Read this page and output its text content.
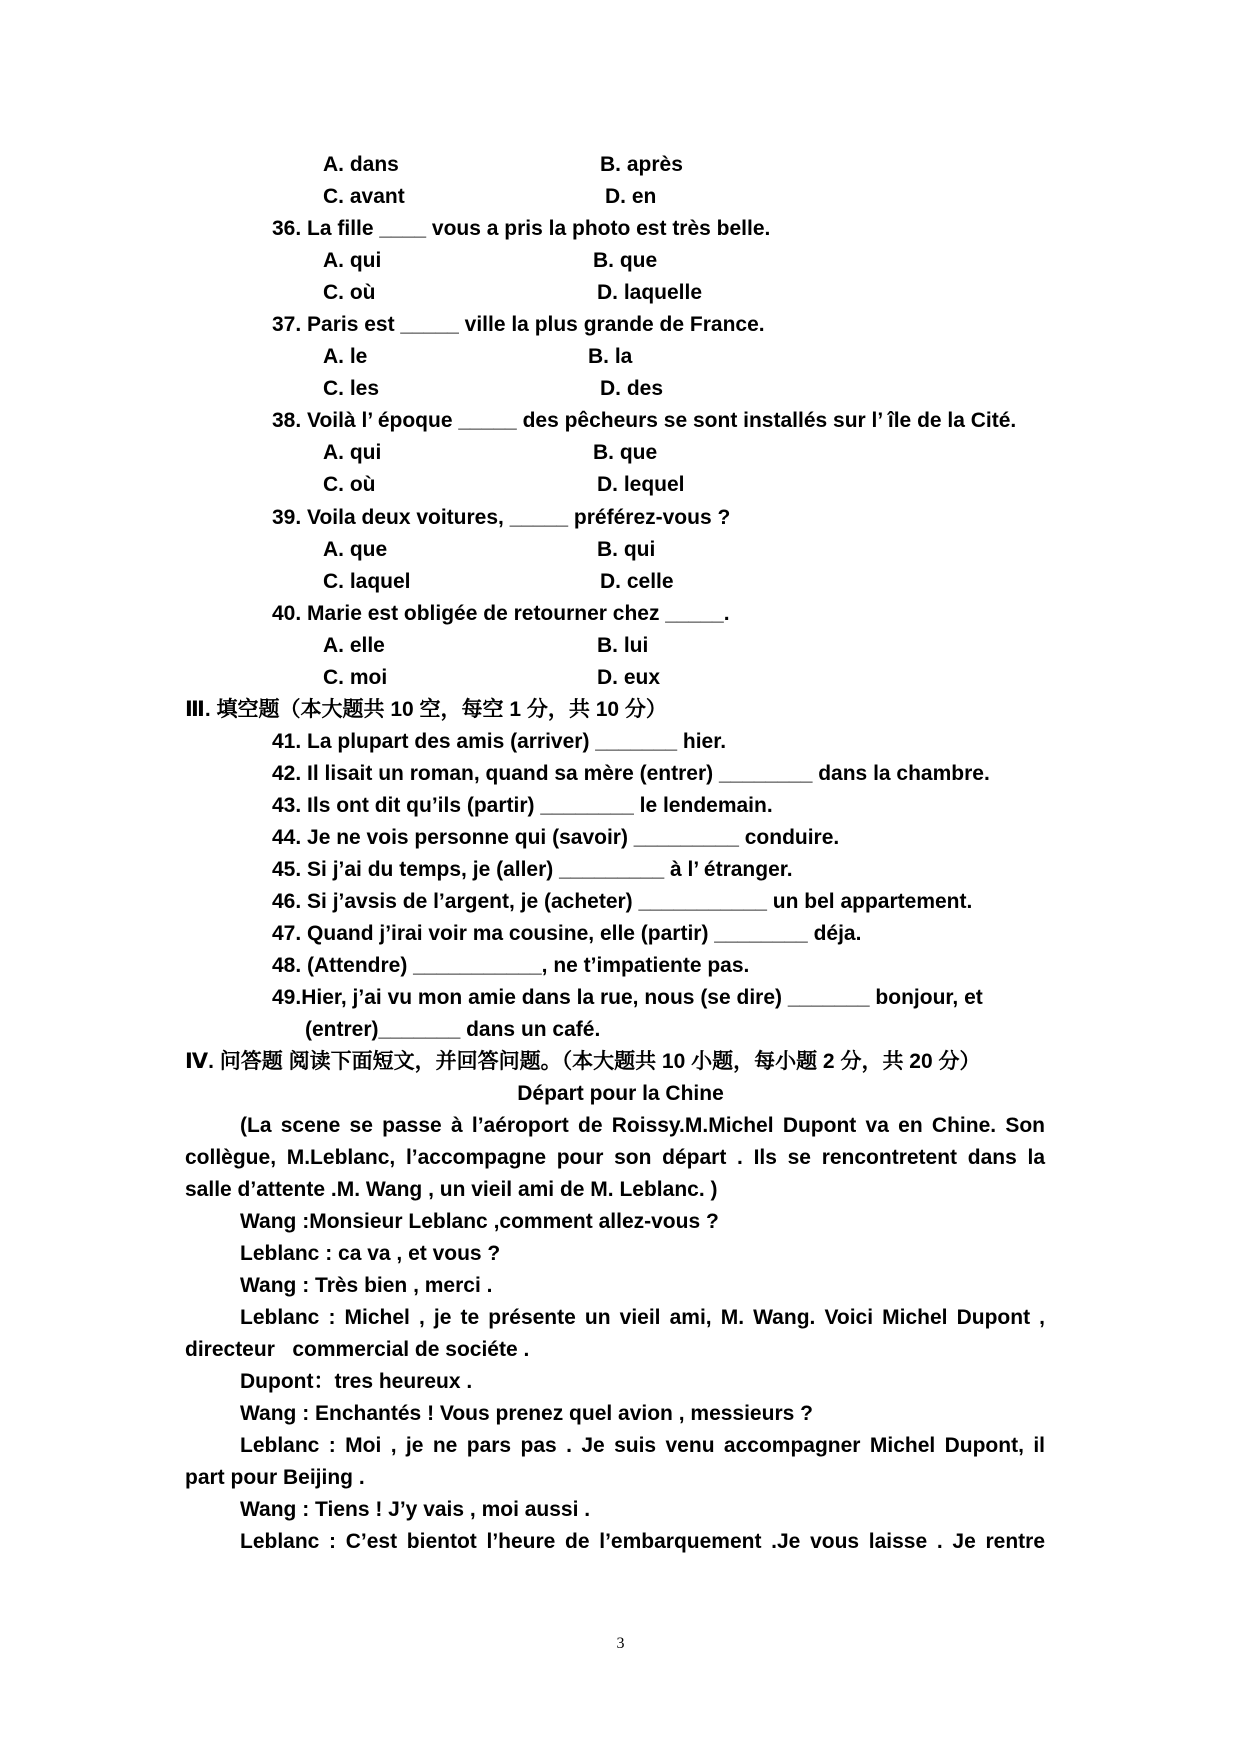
A. dans	B. après
C. avant	D. en
36. La fille ____ vous a pris la photo est très belle.
A. qui	B. que
C. où	D. laquelle
37. Paris est _____ ville la plus grande de France.
A. le	B. la
C. les	D. des
38. Voilà l’ époque _____ des pêcheurs se sont installés sur l’ île de la Cité.
A. qui	B. que
C. où	D. lequel
39. Voila deux voitures, _____ préférez-vous ?
A. que	B. qui
C. laquel	D. celle
40. Marie est obligée de retourner chez _____.
A. elle	B. lui
C. moi	D. eux
Ⅲ. 填空题（本大题共 10 空，每空 1 分，共 10 分）
41. La plupart des amis (arriver) _______ hier.
42. Il lisait un roman, quand sa mère (entrer) ________ dans la chambre.
43. Ils ont dit qu’ils (partir) ________ le lendemain.
44. Je ne vois personne qui (savoir) _________ conduire.
45. Si j’ai du temps, je (aller) _________ à l’ étranger.
46. Si j’avsis de l’argent, je (acheter) ___________ un bel appartement.
47. Quand j’irai voir ma cousine, elle (partir) ________ déja.
48. (Attendre) ___________, ne t’impatiente pas.
49.Hier, j’ai vu mon amie dans la rue, nous (se dire) _______ bonjour, et
(entrer)_______ dans un café.
Ⅳ. 问答题 阅读下面短文，并回答问题。（本大题共 10 小题，每小题 2 分，共 20 分）
Départ pour la Chine
(La scene se passe à l’aéroport de Roissy.M.Michel Dupont va en Chine. Son
collègue, M.Leblanc, l’accompagne pour son départ . Ils se rencontretent dans la
salle d’attente .M. Wang , un vieil ami de M. Leblanc. )
Wang :Monsieur Leblanc ,comment allez-vous ?
Leblanc : ca va , et vous ?
Wang : Très bien , merci .
Leblanc : Michel , je te présente un vieil ami, M. Wang. Voici Michel Dupont ,
directeur   commercial de sociéte .
Dupont：tres heureux .
Wang : Enchantés ! Vous prenez quel avion , messieurs ?
Leblanc : Moi , je ne pars pas . Je suis venu accompagner Michel Dupont, il
part pour Beijing .
Wang : Tiens ! J’y vais , moi aussi .
Leblanc : C’est bientot l’heure de l’embarquement .Je vous laisse . Je rentre
3
